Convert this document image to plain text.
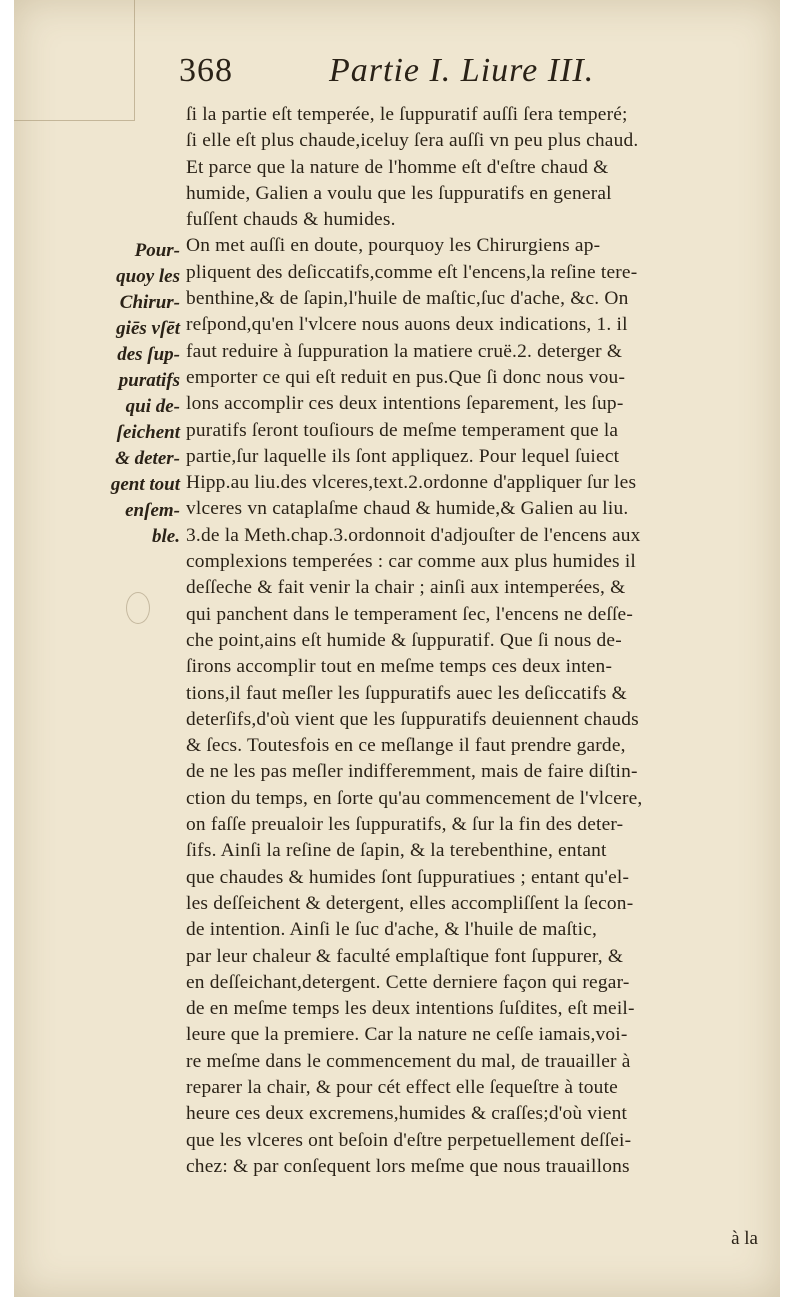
368	Partie I. Liure III.
ſi la partie eſt temperée, le ſuppuratif auſſi ſera temperé;
ſi elle eſt plus chaude,iceluy ſera auſſi vn peu plus chaud.
Et parce que la nature de l'homme eſt d'eſtre chaud &
humide, Galien a voulu que les ſuppuratifs en general
fuſſent chauds & humides.
On met auſſi en doute, pourquoy les Chirurgiens ap-
pliquent des deſiccatifs,comme eſt l'encens,la reſine tere-
benthine,& de ſapin,l'huile de maſtic,ſuc d'ache, &c. On
reſpond,qu'en l'vlcere nous auons deux indications, 1. il
faut reduire à ſuppuration la matiere cruë.2. deterger &
emporter ce qui eſt reduit en pus.Que ſi donc nous vou-
lons accomplir ces deux intentions ſeparement, les ſup-
puratifs ſeront touſiours de meſme temperament que la
partie,ſur laquelle ils ſont appliquez. Pour lequel ſuiect
Hipp.au liu.des vlceres,text.2.ordonne d'appliquer ſur les
vlceres vn cataplaſme chaud & humide,& Galien au liu.
3.de la Meth.chap.3.ordonnoit d'adjouſter de l'encens aux
complexions temperées : car comme aux plus humides il
deſſeche & fait venir la chair ; ainſi aux intemperées, &
qui panchent dans le temperament ſec, l'encens ne deſſe-
che point,ains eſt humide & ſuppuratif. Que ſi nous de-
ſirons accomplir tout en meſme temps ces deux inten-
tions,il faut meſler les ſuppuratifs auec les deſiccatifs &
deterſifs,d'où vient que les ſuppuratifs deuiennent chauds
& ſecs. Toutesfois en ce meſlange il faut prendre garde,
de ne les pas meſler indifferemment, mais de faire diſtin-
ction du temps, en ſorte qu'au commencement de l'vlcere,
on faſſe preualoir les ſuppuratifs, & ſur la fin des deter-
ſifs. Ainſi la reſine de ſapin, & la terebenthine, entant
que chaudes & humides ſont ſuppuratiues ; entant qu'el-
les deſſeichent & detergent, elles accompliſſent la ſecon-
de intention. Ainſi le ſuc d'ache, & l'huile de maſtic,
par leur chaleur & faculté emplaſtique font ſuppurer, &
en deſſeichant,detergent. Cette derniere façon qui regar-
de en meſme temps les deux intentions ſuſdites, eſt meil-
leure que la premiere. Car la nature ne ceſſe iamais,voi-
re meſme dans le commencement du mal, de trauailler à
reparer la chair, & pour cét effect elle ſequeſtre à toute
heure ces deux excremens,humides & craſſes;d'où vient
que les vlceres ont beſoin d'eſtre perpetuellement deſſei-
chez: & par conſequent lors meſme que nous trauaillons
Pour-
quoy les
Chirur-
giēs vſēt
des ſup-
puratifs
qui de-
ſeichent
& deter-
gent tout
enſem-
ble.
à la
